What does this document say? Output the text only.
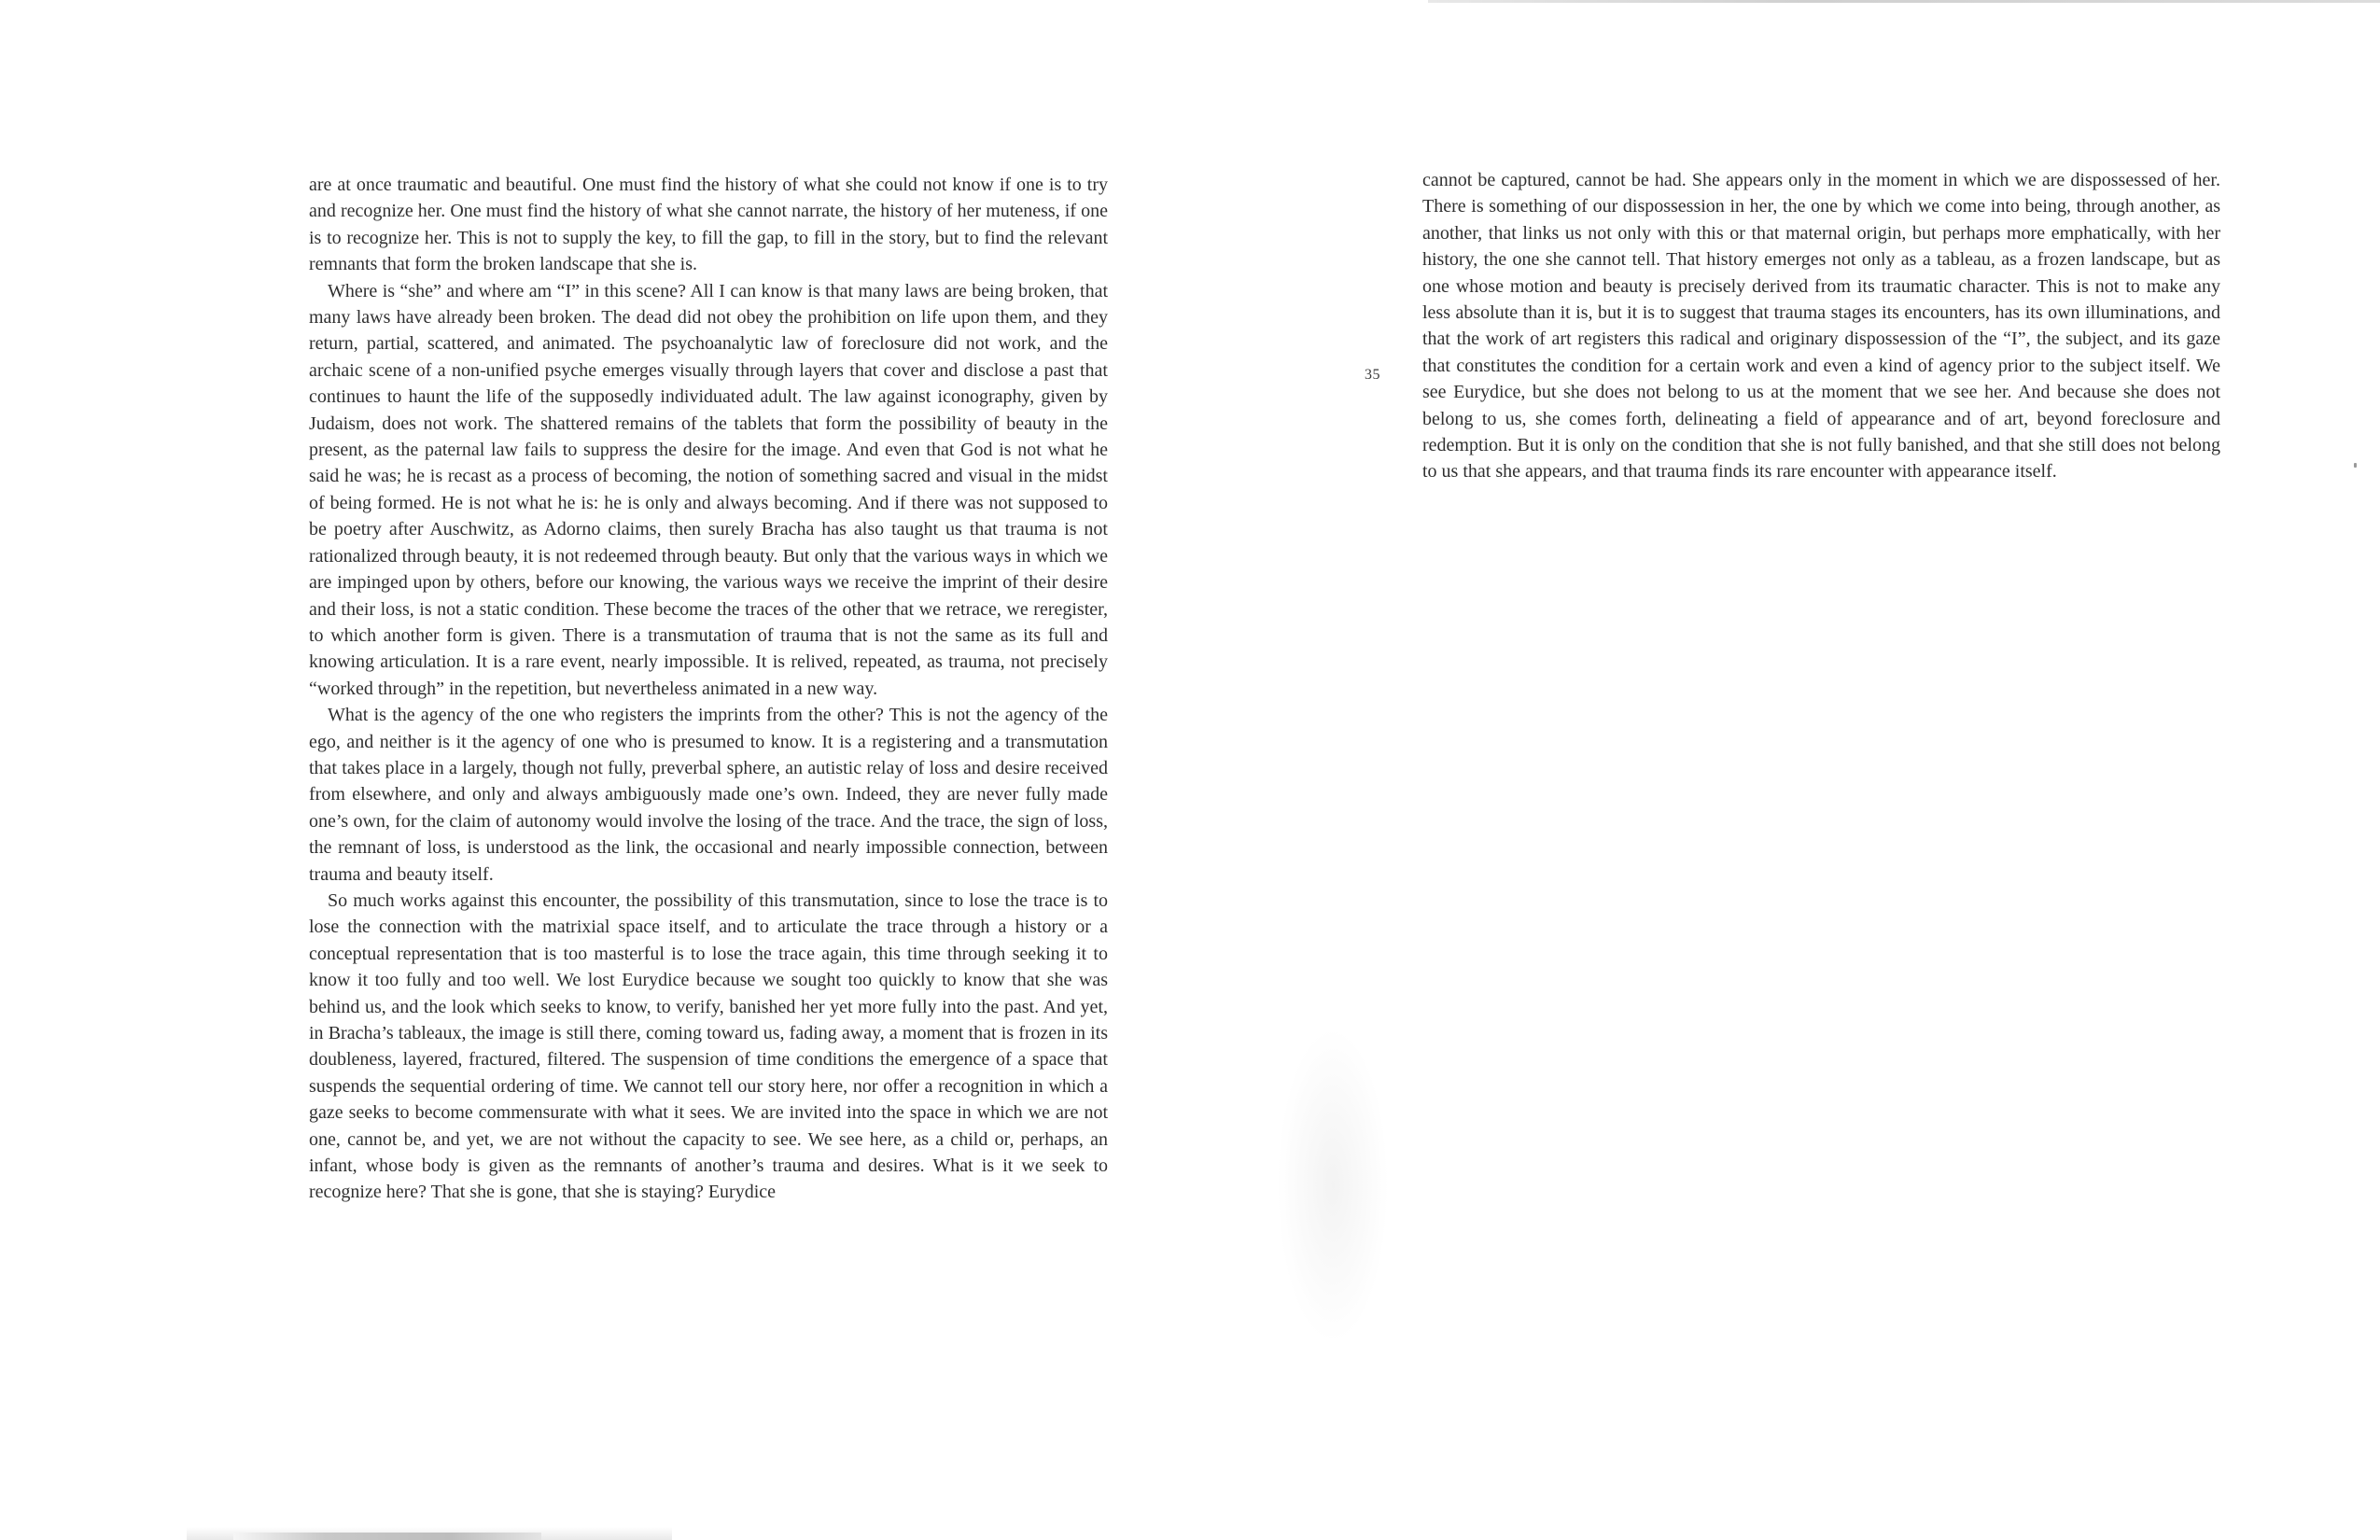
are at once traumatic and beautiful. One must find the history of what she could not know if one is to try and recognize her. One must find the history of what she cannot narrate, the history of her muteness, if one is to recognize her. This is not to supply the key, to fill the gap, to fill in the story, but to find the relevant remnants that form the broken landscape that she is.

Where is “she” and where am “I” in this scene? All I can know is that many laws are being broken, that many laws have already been broken. The dead did not obey the prohibition on life upon them, and they return, partial, scattered, and animated. The psychoanalytic law of foreclosure did not work, and the archaic scene of a non-unified psyche emerges visually through layers that cover and disclose a past that continues to haunt the life of the supposedly individuated adult. The law against iconography, given by Judaism, does not work. The shattered remains of the tablets that form the possibility of beauty in the present, as the paternal law fails to suppress the desire for the image. And even that God is not what he said he was; he is recast as a process of becoming, the notion of something sacred and visual in the midst of being formed. He is not what he is: he is only and always becoming. And if there was not supposed to be poetry after Auschwitz, as Adorno claims, then surely Bracha has also taught us that trauma is not rationalized through beauty, it is not redeemed through beauty. But only that the various ways in which we are impinged upon by others, before our knowing, the various ways we receive the imprint of their desire and their loss, is not a static condition. These become the traces of the other that we retrace, we reregister, to which another form is given. There is a transmutation of trauma that is not the same as its full and knowing articulation. It is a rare event, nearly impossible. It is relived, repeated, as trauma, not precisely “worked through” in the repetition, but nevertheless animated in a new way.

What is the agency of the one who registers the imprints from the other? This is not the agency of the ego, and neither is it the agency of one who is presumed to know. It is a registering and a transmutation that takes place in a largely, though not fully, preverbal sphere, an autistic relay of loss and desire received from elsewhere, and only and always ambiguously made one’s own. Indeed, they are never fully made one’s own, for the claim of autonomy would involve the losing of the trace. And the trace, the sign of loss, the remnant of loss, is understood as the link, the occasional and nearly impossible connection, between trauma and beauty itself.

So much works against this encounter, the possibility of this transmutation, since to lose the trace is to lose the connection with the matrixial space itself, and to articulate the trace through a history or a conceptual representation that is too masterful is to lose the trace again, this time through seeking it to know it too fully and too well. We lost Eurydice because we sought too quickly to know that she was behind us, and the look which seeks to know, to verify, banished her yet more fully into the past. And yet, in Bracha’s tableaux, the image is still there, coming toward us, fading away, a moment that is frozen in its doubleness, layered, fractured, filtered. The suspension of time conditions the emergence of a space that suspends the sequential ordering of time. We cannot tell our story here, nor offer a recognition in which a gaze seeks to become commensurate with what it sees. We are invited into the space in which we are not one, cannot be, and yet, we are not without the capacity to see. We see here, as a child or, perhaps, an infant, whose body is given as the remnants of another’s trauma and desires. What is it we seek to recognize here? That she is gone, that she is staying? Eurydice

35

cannot be captured, cannot be had. She appears only in the moment in which we are dispossessed of her. There is something of our dispossession in her, the one by which we come into being, through another, as another, that links us not only with this or that maternal origin, but perhaps more emphatically, with her history, the one she cannot tell. That history emerges not only as a tableau, as a frozen landscape, but as one whose motion and beauty is precisely derived from its traumatic character. This is not to make any less absolute than it is, but it is to suggest that trauma stages its encounters, has its own illuminations, and that the work of art registers this radical and originary dispossession of the “I”, the subject, and its gaze that constitutes the condition for a certain work and even a kind of agency prior to the subject itself. We see Eurydice, but she does not belong to us at the moment that we see her. And because she does not belong to us, she comes forth, delineating a field of appearance and of art, beyond foreclosure and redemption. But it is only on the condition that she is not fully banished, and that she still does not belong to us that she appears, and that trauma finds its rare encounter with appearance itself.
